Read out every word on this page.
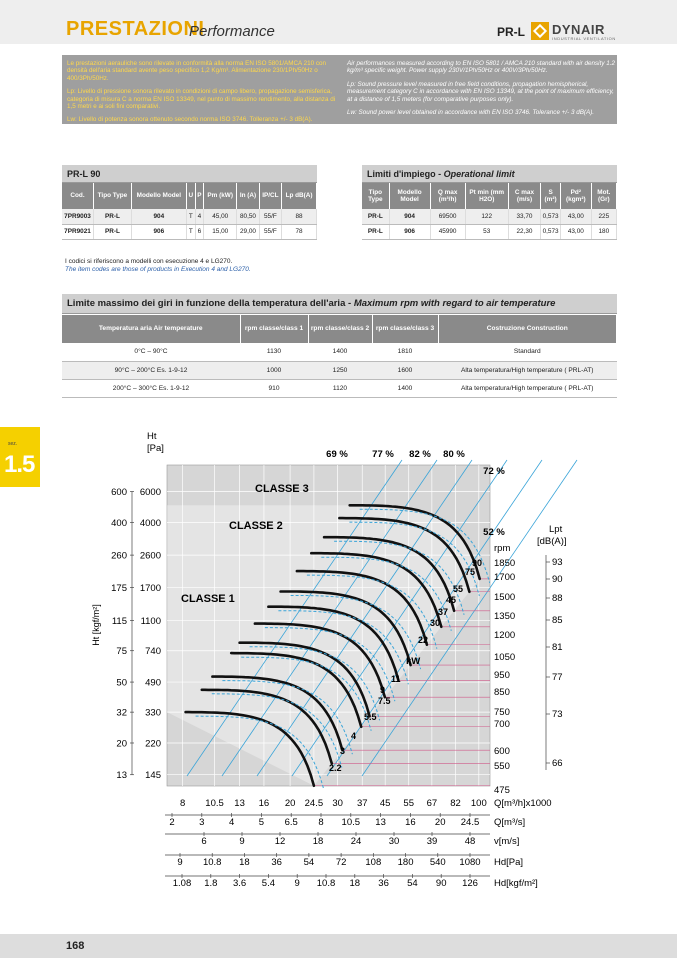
PRESTAZIONI
Performance	PR-L DYNAIR
INDUSTRIAL VENTILATION

Le prestazioni aerauliche sono rilevate in conformità alla norma EN ISO 5801/AMCA 210 con densità dell'aria standard avente peso specifico 1,2 Kg/m³. Alimentazione 230/1Ph/50Hz o 400/3Ph/50Hz.

Lp: Livello di pressione sonora rilevato in condizioni di campo libero, propagazione semisferica, categoria di misura C a norma EN ISO 13349, nel punto di massimo rendimento, alla distanza di 1,5 metri e ai soli fini comparativi.

Lw: Livello di potenza sonora ottenuto secondo norma ISO 3746. Tolleranza +/- 3 dB(A).

Air performances measured according to EN ISO 5801 / AMCA 210 standard with air density 1.2 kg/m³ specific weight. Power supply 230V/1Ph/50Hz or 400V/3Ph/50Hz.

Lp: Sound pressure level measured in free field conditions, propagation hemispherical, measurement category C in accordance with EN ISO 13349, at the point of maximum efficiency, at a distance of 1,5 meters (for comparative purposes only).

Lw: Sound power level obtained in accordance with EN ISO 3746. Tolerance +/- 3 dB(A).

PR-L 90
Cod.	Tipo Type	Modello Model	U	P	Pm (kW)	In (A)	IP/CL	Lp dB(A)
7PR9003	PR-L	904	T	4	45,00	80,50	55/F	88
7PR9021	PR-L	906	T	6	15,00	29,00	55/F	78
Limiti d'impiego - Operational limit
Tipo Type	Modello Model	Q max (m³/h)	Pt min (mm H2O)	C max (m/s)	S (m²)	Pd² (kgm²)	Mot. (Gr)
PR-L	904	69500	122	33,70	0,573	43,00	225
PR-L	906	45990	53	22,30	0,573	43,00	180
I codici si riferiscono a modelli con esecuzione 4 e LG270.
The item codes are those of products in Execution 4 and LG270.
Limite massimo dei giri in funzione della temperatura dell'aria - Maximum rpm with regard to air temperature
Temperatura aria Air temperature	rpm classe/class 1	rpm classe/class 2	rpm classe/class 3	Costruzione Construction
0°C – 90°C	1130	1400	1810	Standard
90°C – 200°C Es. 1-9-12	1000	1250	1600	Alta temperatura/High temperature ( PRL-AT)
200°C – 300°C Es. 1-9-12	910	1120	1400	Alta temperatura/High temperature ( PRL-AT)
sez.
1.5	69 %	77 % 82 % 80 %
72 %
52 %
CLASSE 3
CLASSE 2
CLASSE 1
2.2
3
4
5.5
7.5
9
11
22
30
37
45
55
75
90
kW
rpm
1850
1700
1500
1350
1200
1050
950
850
750
700
600
550
475
Lpt
[dB(A)]
93
90
88
85
81
77
73
66
Ht
[Pa]
145
220
330
490
740
1100
1700
2600
4000
6000
13
20
32
50
75
115
175
260
400
600
Ht [kgf/m²]
8 10.5 13 16 20 24.5 30 37 45 55 67 82 100 Q[m³/h]x1000
2	3	4	5 6.5 8 10.5 13 16 20 24.5 Q[m³/s]
6	9	12	18	24	30	39	48 v[m/s]
9 10.8 18 36 54 72 108 180 540 1080 Hd[Pa]
1.08 1.8 3.6 5.4 9 10.8 18 36 54 90 126 Hd[kgf/m²]
168
